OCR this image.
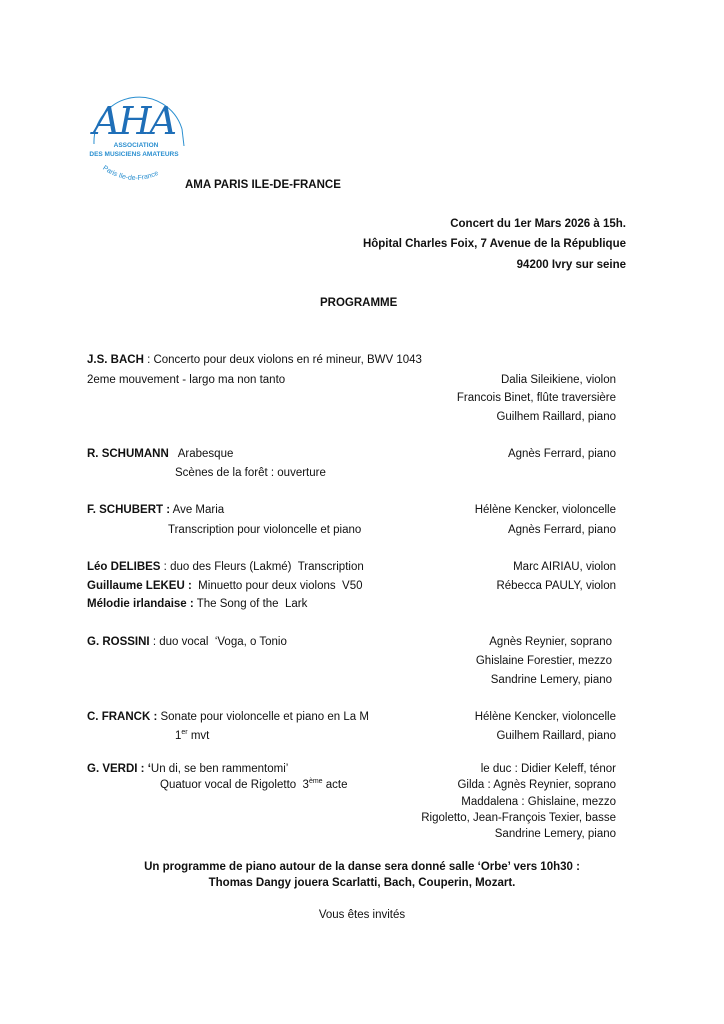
AHA
ASSOCIATION
DES MUSICIENS AMATEURS
Paris Ile-de-France
AMA PARIS ILE-DE-FRANCE
Concert du 1er Mars 2026 à 15h.
Hôpital Charles Foix, 7 Avenue de la République
94200 Ivry sur seine
PROGRAMME
J.S. BACH : Concerto pour deux violons en ré mineur, BWV 1043
2eme mouvement - largo ma non tanto	Dalia Sileikiene, violon
Francois Binet, flûte traversière
Guilhem Raillard, piano
R. SCHUMANN   Arabesque
Scènes de la forêt : ouverture
Agnès Ferrard, piano
F. SCHUBERT : Ave Maria
Transcription pour violoncelle et piano
Hélène Kencker, violoncelle
Agnès Ferrard, piano
Léo DELIBES : duo des Fleurs (Lakmé)  Transcription
Guillaume LEKEU :  Minuetto pour deux violons  V50
Mélodie irlandaise : The Song of the  Lark
Marc AIRIAU, violon
Rébecca PAULY, violon
G. ROSSINI : duo vocal  ‘Voga, o Tonio	Agnès Reynier, soprano
Ghislaine Forestier, mezzo
Sandrine Lemery, piano
C. FRANCK : Sonate pour violoncelle et piano en La M
1er mvt
Hélène Kencker, violoncelle
Guilhem Raillard, piano
G. VERDI : ‘Un di, se ben rammentomi’
Quatuor vocal de Rigoletto  3ème acte
le duc : Didier Keleff, ténor
Gilda : Agnès Reynier, soprano
Maddalena : Ghislaine, mezzo
Rigoletto, Jean-François Texier, basse
Sandrine Lemery, piano
Un programme de piano autour de la danse sera donné salle ‘Orbe’ vers 10h30 :
Thomas Dangy jouera Scarlatti, Bach, Couperin, Mozart.
Vous êtes invités
